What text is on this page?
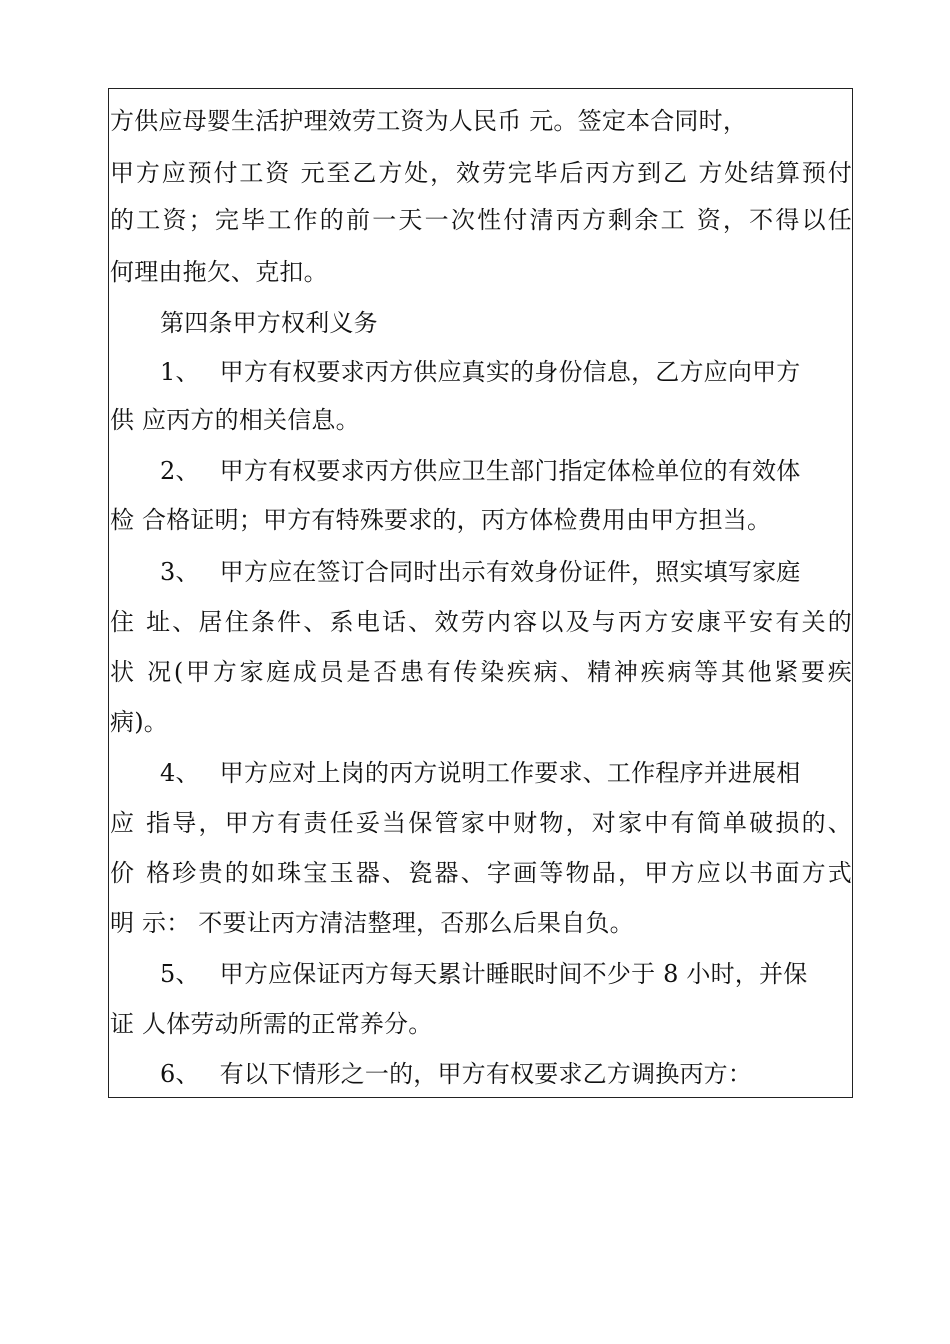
方供应母婴生活护理效劳工资为人民币 元。签定本合同时，
甲方应预付工资 元至乙方处，效劳完毕后丙方到乙 方处结算预付
的工资；完毕工作的前一天一次性付清丙方剩余工 资，不得以任
何理由拖欠、克扣。
第四条甲方权利义务
1、 甲方有权要求丙方供应真实的身份信息，乙方应向甲方
供 应丙方的相关信息。
2、 甲方有权要求丙方供应卫生部门指定体检单位的有效体
检 合格证明；甲方有特殊要求的，丙方体检费用由甲方担当。
3、 甲方应在签订合同时出示有效身份证件，照实填写家庭
住 址、居住条件、系电话、效劳内容以及与丙方安康平安有关的
状 况(甲方家庭成员是否患有传染疾病、精神疾病等其他紧要疾
病)。
4、 甲方应对上岗的丙方说明工作要求、工作程序并进展相
应 指导，甲方有责任妥当保管家中财物，对家中有简单破损的、
价 格珍贵的如珠宝玉器、瓷器、字画等物品，甲方应以书面方式
明 示： 不要让丙方清洁整理，否那么后果自负。
5、 甲方应保证丙方每天累计睡眠时间不少于 8 小时，并保
证 人体劳动所需的正常养分。
6、 有以下情形之一的，甲方有权要求乙方调换丙方：
